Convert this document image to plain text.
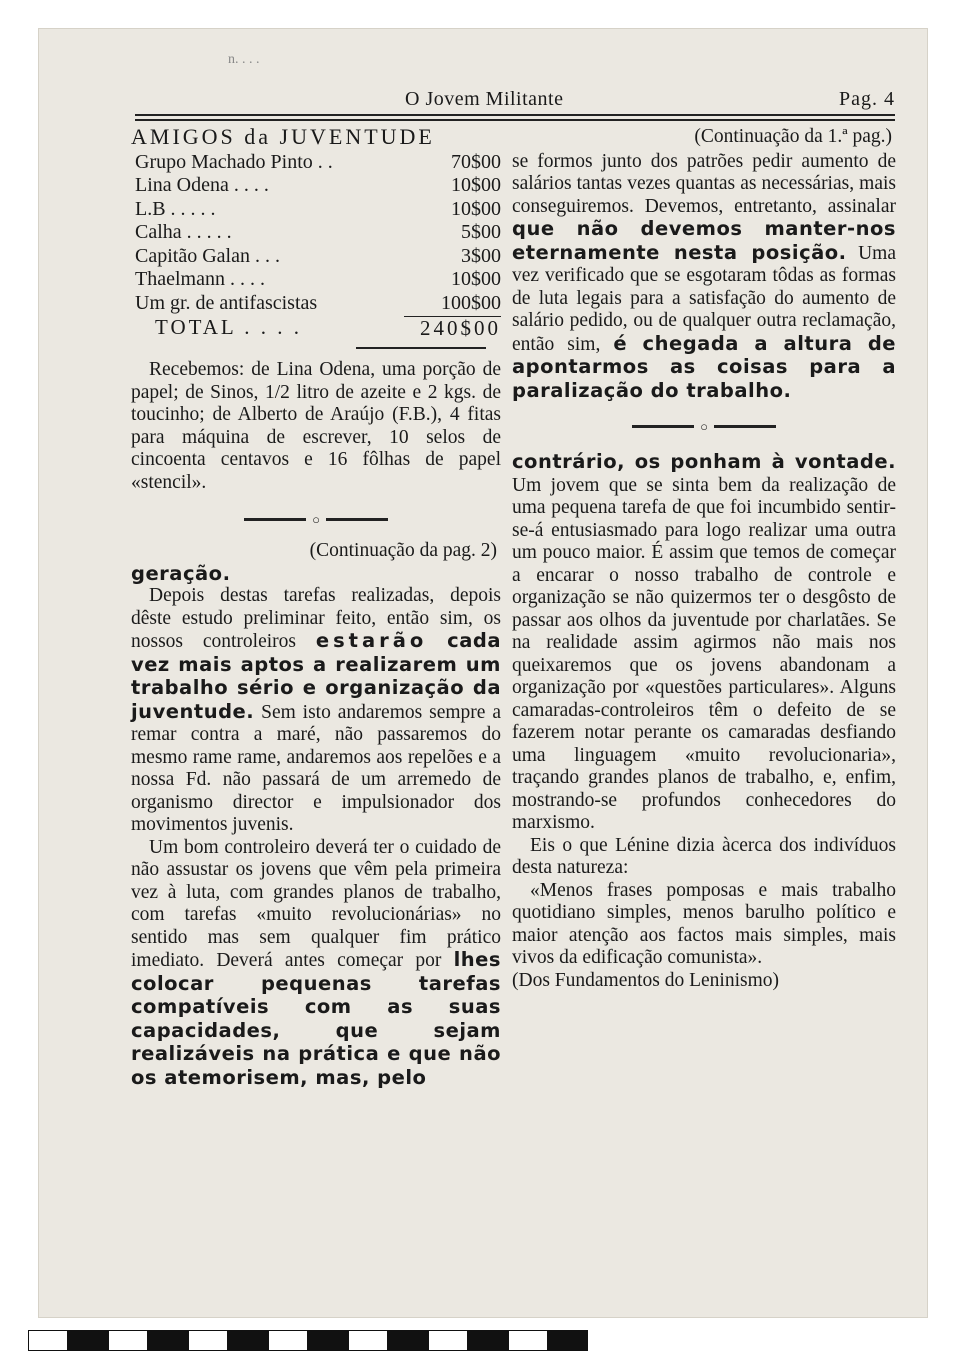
n. . . .
O Jovem Militante	Pag. 4
AMIGOS da JUVENTUDE
Grupo Machado Pinto . .	70$00
Lina Odena . . . .	10$00
L.B . . . . .	10$00
Calha . . . . .	5$00
Capitão Galan . . .	3$00
Thaelmann . . . .	10$00
Um gr. de antifascistas	100$00
TOTAL . . . .	240$00

Recebemos: de Lina Odena, uma porção de papel; de Sinos, 1/2 litro de azeite e 2 kgs. de toucinho; de Alberto de Araújo (F.B.), 4 fitas para máquina de escrever, 10 selos de cincoenta centavos e 16 fôlhas de papel «stencil».

○

(Continuação da pag. 2)

geração.

Depois destas tarefas realizadas, depois dêste estudo preliminar feito, então sim, os nossos controleiros estarão cada vez mais aptos a realizarem um trabalho sério e organização da juventude. Sem isto andaremos sempre a remar contra a maré, não passaremos do mesmo rame rame, andaremos aos repelões e a nossa Fd. não passará de um arremedo de organismo director e impulsionador dos movimentos juvenis.

Um bom controleiro deverá ter o cuidado de não assustar os jovens que vêm pela primeira vez à luta, com grandes planos de trabalho, com tarefas «muito revolucionárias» no sentido mas sem qualquer fim prático imediato. Deverá antes começar por lhes colocar pequenas tarefas compatíveis com as suas capacidades, que sejam realizáveis na prática e que não os atemorisem, mas, pelo

(Continuação da 1.ª pag.)

se formos junto dos patrões pedir aumento de salários tantas vezes quantas as necessárias, mais conseguiremos. Devemos, entretanto, assinalar que não devemos manter-nos eternamente nesta posição. Uma vez verificado que se esgotaram tôdas as formas de luta legais para a satisfação do aumento de salário pedido, ou de qualquer outra reclamação, então sim, é chegada a altura de apontarmos as coisas para a paralização do trabalho.

○

contrário, os ponham à vontade. Um jovem que se sinta bem da realização de uma pequena tarefa de que foi incumbido sentir-se-á entusiasmado para logo realizar uma outra um pouco maior. É assim que temos de começar a encarar o nosso trabalho de controle e organização se não quizermos ter o desgôsto de passar aos olhos da juventude por charlatães. Se na realidade assim agirmos não mais nos queixaremos que os jovens abandonam a organização por «questões particulares». Alguns camaradas-controleiros têm o defeito de se fazerem notar perante os camaradas desfiando uma linguagem «muito revolucionaria», traçando grandes planos de trabalho, e, enfim, mostrando-se profundos conhecedores do marxismo.

Eis o que Lénine dizia àcerca dos indivíduos desta natureza:

«Menos frases pomposas e mais trabalho quotidiano simples, menos barulho político e maior atenção aos factos mais simples, mais vivos da edificação comunista».

(Dos Fundamentos do Leninismo)
